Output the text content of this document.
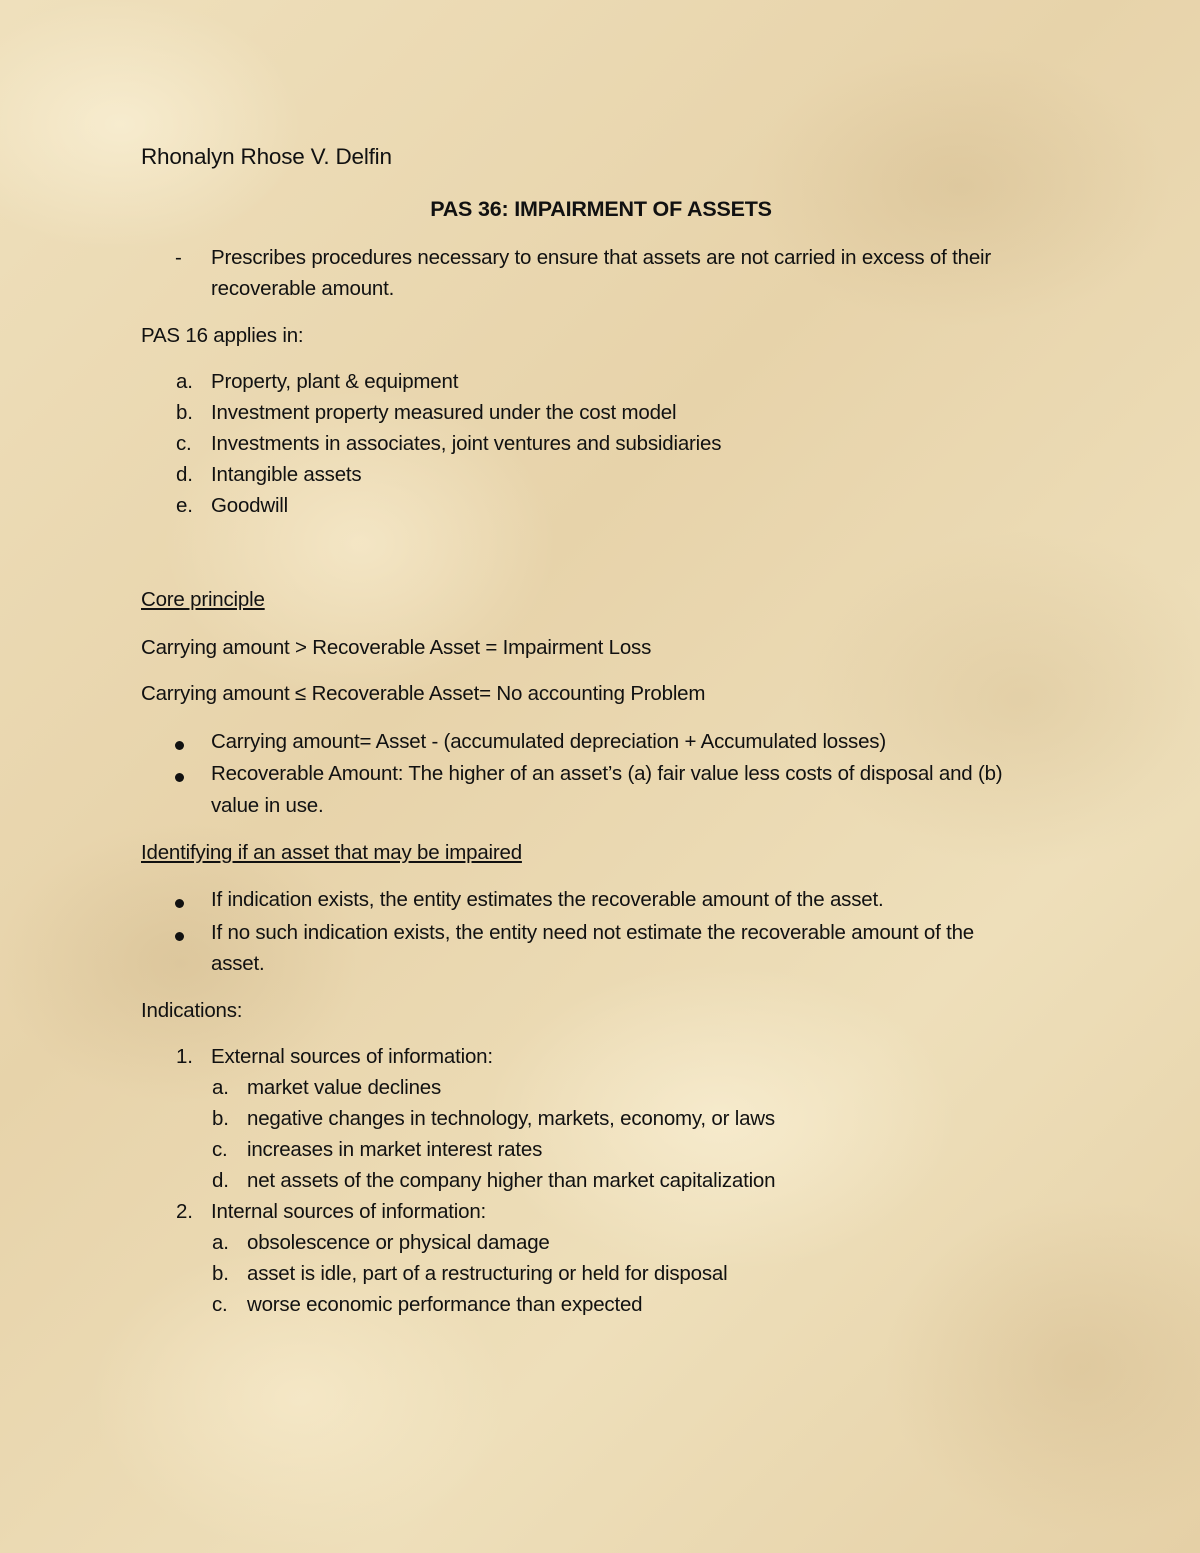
Rhonalyn Rhose V. Delfin
PAS 36: IMPAIRMENT OF ASSETS
- Prescribes procedures necessary to ensure that assets are not carried in excess of their
recoverable amount.
PAS 16 applies in:
a. Property, plant & equipment
b. Investment property measured under the cost model
c. Investments in associates, joint ventures and subsidiaries
d. Intangible assets
e. Goodwill
Core principle
Carrying amount > Recoverable Asset = Impairment Loss
Carrying amount ≤ Recoverable Asset= No accounting Problem
Carrying amount= Asset - (accumulated depreciation + Accumulated losses)
Recoverable Amount: The higher of an asset’s (a) fair value less costs of disposal and (b)
value in use.
Identifying if an asset that may be impaired
If indication exists, the entity estimates the recoverable amount of the asset.
If no such indication exists, the entity need not estimate the recoverable amount of the
asset.
Indications:
1. External sources of information:
a. market value declines
b. negative changes in technology, markets, economy, or laws
c. increases in market interest rates
d. net assets of the company higher than market capitalization
2. Internal sources of information:
a. obsolescence or physical damage
b. asset is idle, part of a restructuring or held for disposal
c. worse economic performance than expected
